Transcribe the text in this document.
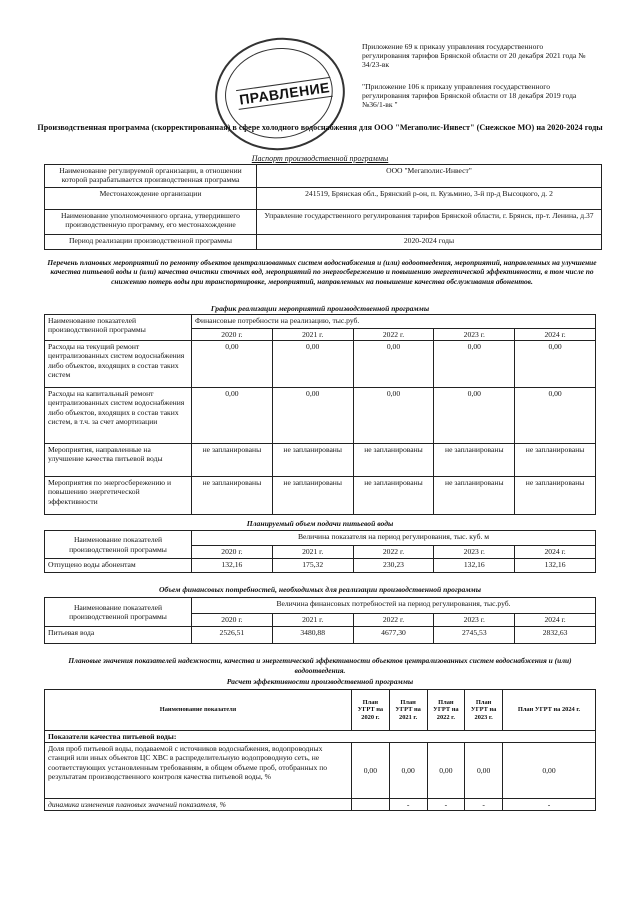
Приложение 69 к приказу управления государственного регулирования тарифов Брянской области от 20 декабря 2021 года № 34/23-вк
"Приложение 106 к приказу управления государственного регулирования тарифов Брянской области от 18 декабря 2019 года №36/1-вк "
ПРАВЛЕНИЕ
Производственная программа (скорректированная) в сфере холодного водоснабжения для ООО "Мегаполис-Инвест" (Снежское МО) на 2020-2024 годы
Паспорт производственной программы
Наименование регулируемой организации, в отношении которой разрабатывается производственная программа	ООО "Мегаполис-Инвест"
Местонахождение организации	241519, Брянская обл., Брянский р-он, п. Кузьмино, 3-й пр-д Высоцкого, д. 2
Наименование уполномоченного органа, утвердившего производственную программу, его местонахождение	Управление государственного регулирования тарифов Брянской области, г. Брянск, пр-т. Ленина, д.37
Период реализации производственной программы	2020-2024 годы
Перечень плановых мероприятий по ремонту объектов централизованных систем водоснабжения и (или) водоотведения, мероприятий, направленных на улучшение качества питьевой воды и (или) качества очистки сточных вод, мероприятий по энергосбережению и повышению энергетической эффективности, в том числе по снижению потерь воды при транспортировке, мероприятий, направленных на повышение качества обслуживания абонентов.
График реализации мероприятий производственной программы
Наименование показателей производственной программы	Финансовые потребности на реализацию, тыс.руб.				
	2020 г.	2021 г.	2022 г.	2023 г.	2024 г.
Расходы на текущий ремонт централизованных систем водоснабжения либо объектов, входящих в состав таких систем	0,00	0,00	0,00	0,00	0,00
Расходы на капитальный ремонт централизованных систем водоснабжения либо объектов, входящих в состав таких систем, в т.ч. за счет амортизации	0,00	0,00	0,00	0,00	0,00
Мероприятия, направленные на улучшение качества питьевой воды	не запланированы	не запланированы	не запланированы	не запланированы	не запланированы
Мероприятия по энергосбережению и повышению энергетической эффективности	не запланированы	не запланированы	не запланированы	не запланированы	не запланированы
Планируемый объем подачи питьевой воды
Наименование показателей производственной программы	Величина показателя на период регулирования, тыс. куб. м				
	2020 г.	2021 г.	2022 г.	2023 г.	2024 г.
Отпущено воды абонентам	132,16	175,32	230,23	132,16	132,16
Объем финансовых потребностей, необходимых для реализации производственной программы
Наименование показателей производственной программы	Величина финансовых потребностей на период регулирования, тыс.руб.				
	2020 г.	2021 г.	2022 г.	2023 г.	2024 г.
Питьевая вода	2526,51	3480,88	4677,30	2745,53	2832,63
Плановые значения показателей надежности, качества и энергетической эффективности объектов централизованных систем водоснабжения и (или) водоотведения.
Расчет эффективности производственной программы
Наименование показателя	План УГРТ на 2020 г.	План УГРТ на 2021 г.	План УГРТ на 2022 г.	План УГРТ на 2023 г.	План УГРТ на 2024 г.
Показатели качества питьевой воды:					
Доля проб питьевой воды, подаваемой с источников водоснабжения, водопроводных станций или иных объектов ЦС ХВС в распределительную водопроводную сеть, не соответствующих установленным требованиям, в общем объеме проб, отобранных по результатам производственного контроля качества питьевой воды, %	0,00	0,00	0,00	0,00	0,00
динамика изменения плановых значений показателя, %		-	-	-	-
